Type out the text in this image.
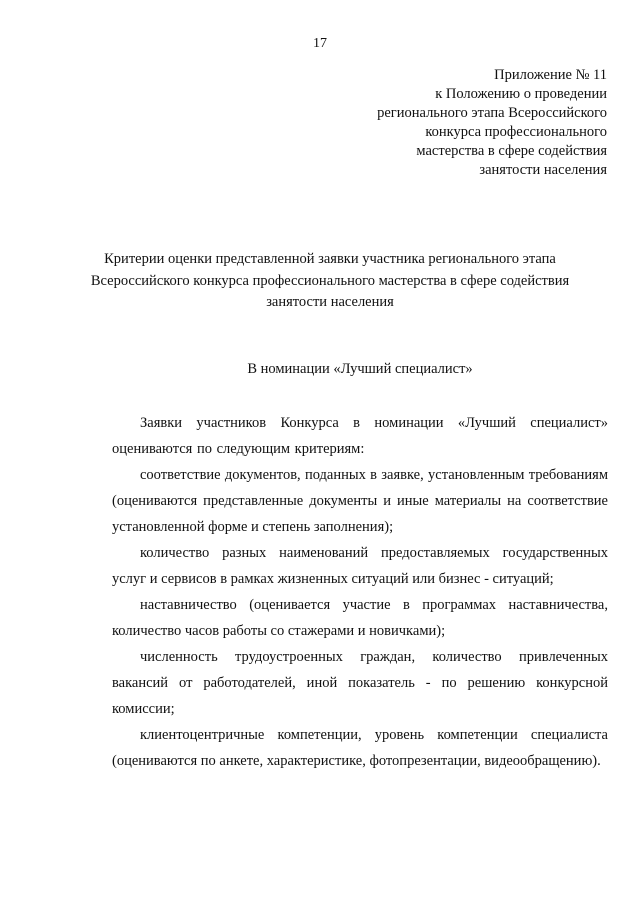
17
Приложение № 11
к Положению о проведении
регионального этапа Всероссийского
конкурса профессионального
мастерства в сфере содействия
занятости населения
Критерии оценки представленной заявки участника регионального этапа
Всероссийского конкурса профессионального мастерства в сфере содействия
занятости населения
В номинации «Лучший специалист»

Заявки участников Конкурса в номинации «Лучший специалист» оцениваются по следующим критериям:

соответствие документов, поданных в заявке, установленным требованиям (оцениваются представленные документы и иные материалы на соответствие установленной форме и степень заполнения);

количество разных наименований предоставляемых государственных услуг и сервисов в рамках жизненных ситуаций или бизнес - ситуаций;

наставничество (оценивается участие в программах наставничества, количество часов работы со стажерами и новичками);

численность трудоустроенных граждан, количество привлеченных вакансий от работодателей, иной показатель - по решению конкурсной комиссии;

клиентоцентричные компетенции, уровень компетенции специалиста (оцениваются по анкете, характеристике, фотопрезентации, видеообращению).
